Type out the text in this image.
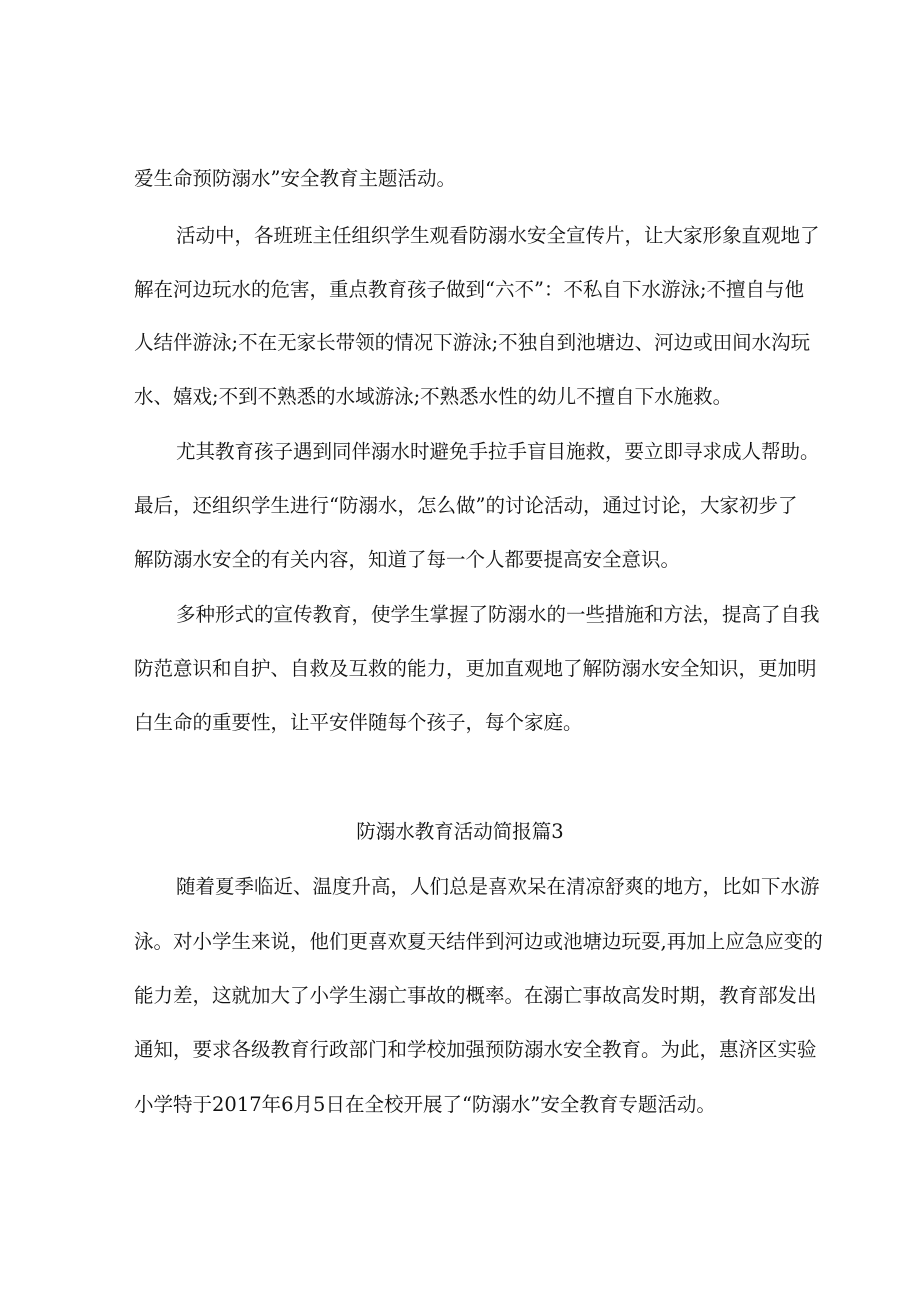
爱生命预防溺水”安全教育主题活动。

活动中，各班班主任组织学生观看防溺水安全宣传片，让大家形象直观地了

解在河边玩水的危害，重点教育孩子做到“六不”：不私自下水游泳;不擅自与他

人结伴游泳;不在无家长带领的情况下游泳;不独自到池塘边、河边或田间水沟玩

水、嬉戏;不到不熟悉的水域游泳;不熟悉水性的幼儿不擅自下水施救。

尤其教育孩子遇到同伴溺水时避免手拉手盲目施救，要立即寻求成人帮助。

最后，还组织学生进行“防溺水，怎么做”的讨论活动，通过讨论，大家初步了

解防溺水安全的有关内容，知道了每一个人都要提高安全意识。

多种形式的宣传教育，使学生掌握了防溺水的一些措施和方法，提高了自我

防范意识和自护、自救及互救的能力，更加直观地了解防溺水安全知识，更加明

白生命的重要性，让平安伴随每个孩子，每个家庭。

防溺水教育活动简报篇3

随着夏季临近、温度升高，人们总是喜欢呆在清凉舒爽的地方，比如下水游

泳。对小学生来说，他们更喜欢夏天结伴到河边或池塘边玩耍,再加上应急应变的

能力差，这就加大了小学生溺亡事故的概率。在溺亡事故高发时期，教育部发出

通知，要求各级教育行政部门和学校加强预防溺水安全教育。为此，惠济区实验

小学特于2017年6月5日在全校开展了“防溺水”安全教育专题活动。
